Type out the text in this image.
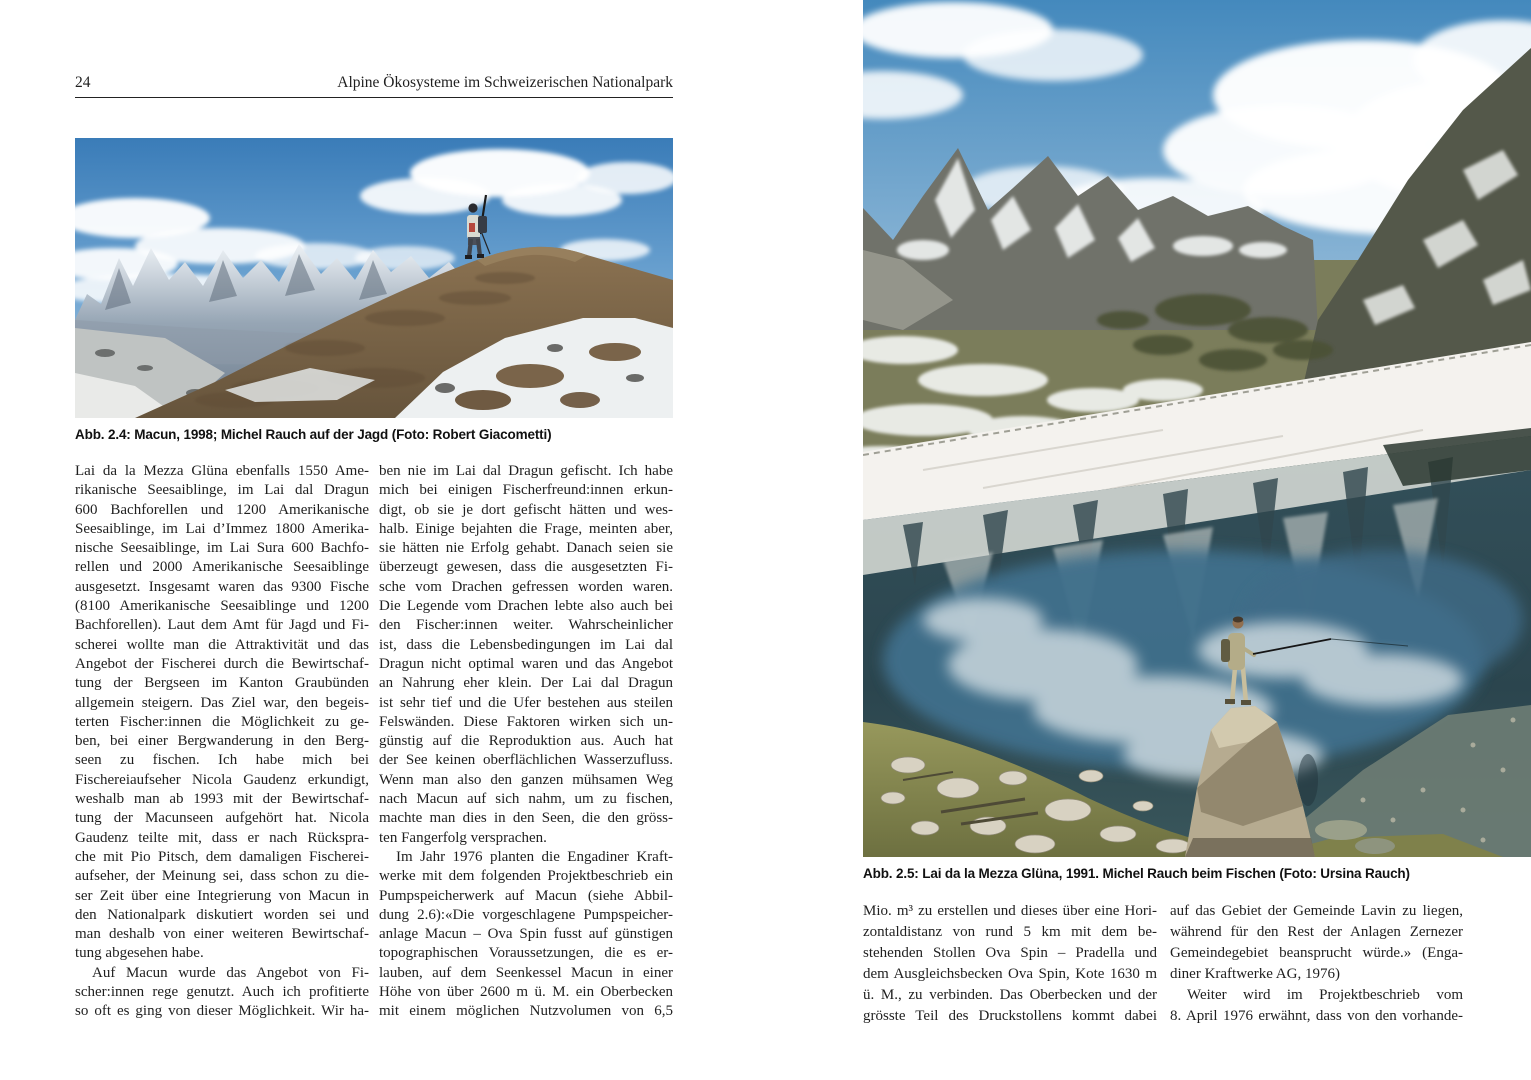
24	Alpine Ökosysteme im Schweizerischen Nationalpark
Abb. 2.4: Macun, 1998; Michel Rauch auf der Jagd (Foto: Robert Giacometti)
Lai da la Mezza Glüna ebenfalls 1550 Ame-
rikanische Seesaiblinge, im Lai dal Dragun
600 Bachforellen und 1200 Amerikanische
Seesaiblinge, im Lai d’Immez 1800 Amerika-
nische Seesaiblinge, im Lai Sura 600 Bachfo-
rellen und 2000 Amerikanische Seesaiblinge
ausgesetzt. Insgesamt waren das 9300 Fische
(8100 Amerikanische Seesaiblinge und 1200
Bachforellen). Laut dem Amt für Jagd und Fi-
scherei wollte man die Attraktivität und das
Angebot der Fischerei durch die Bewirtschaf-
tung der Bergseen im Kanton Graubünden
allgemein steigern. Das Ziel war, den begeis-
terten Fischer:innen die Möglichkeit zu ge-
ben, bei einer Bergwanderung in den Berg-
seen zu fischen. Ich habe mich bei
Fischereiaufseher Nicola Gaudenz erkundigt,
weshalb man ab 1993 mit der Bewirtschaf-
tung der Macunseen aufgehört hat. Nicola
Gaudenz teilte mit, dass er nach Rückspra-
che mit Pio Pitsch, dem damaligen Fischerei-
aufseher, der Meinung sei, dass schon zu die-
ser Zeit über eine Integrierung von Macun in
den Nationalpark diskutiert worden sei und
man deshalb von einer weiteren Bewirtschaf-
tung abgesehen habe.
Auf Macun wurde das Angebot von Fi-
scher:innen rege genutzt. Auch ich profitierte
so oft es ging von dieser Möglichkeit. Wir ha-
ben nie im Lai dal Dragun gefischt. Ich habe
mich bei einigen Fischerfreund:innen erkun-
digt, ob sie je dort gefischt hätten und wes-
halb. Einige bejahten die Frage, meinten aber,
sie hätten nie Erfolg gehabt. Danach seien sie
überzeugt gewesen, dass die ausgesetzten Fi-
sche vom Drachen gefressen worden waren.
Die Legende vom Drachen lebte also auch bei
den Fischer:innen weiter. Wahrscheinlicher
ist, dass die Lebensbedingungen im Lai dal
Dragun nicht optimal waren und das Angebot
an Nahrung eher klein. Der Lai dal Dragun
ist sehr tief und die Ufer bestehen aus steilen
Felswänden. Diese Faktoren wirken sich un-
günstig auf die Reproduktion aus. Auch hat
der See keinen oberflächlichen Wasserzufluss.
Wenn man also den ganzen mühsamen Weg
nach Macun auf sich nahm, um zu fischen,
machte man dies in den Seen, die den gröss-
ten Fangerfolg versprachen.
Im Jahr 1976 planten die Engadiner Kraft-
werke mit dem folgenden Projektbeschrieb ein
Pumpspeicherwerk auf Macun (siehe Abbil-
dung 2.6):«Die vorgeschlagene Pumpspeicher-
anlage Macun – Ova Spin fusst auf günstigen
topographischen Voraussetzungen, die es er-
lauben, auf dem Seenkessel Macun in einer
Höhe von über 2600 m ü. M. ein Oberbecken
mit einem möglichen Nutzvolumen von 6,5
Abb. 2.5: Lai da la Mezza Glüna, 1991. Michel Rauch beim Fischen (Foto: Ursina Rauch)
Mio. m³ zu erstellen und dieses über eine Hori-
zontaldistanz von rund 5 km mit dem be-
stehenden Stollen Ova Spin – Pradella und
dem Ausgleichsbecken Ova Spin, Kote 1630 m
ü. M., zu verbinden. Das Oberbecken und der
grösste Teil des Druckstollens kommt dabei
auf das Gebiet der Gemeinde Lavin zu liegen,
während für den Rest der Anlagen Zernezer
Gemeindegebiet beansprucht würde.» (Enga-
diner Kraftwerke AG, 1976)
Weiter wird im Projektbeschrieb vom
8. April 1976 erwähnt, dass von den vorhande-
